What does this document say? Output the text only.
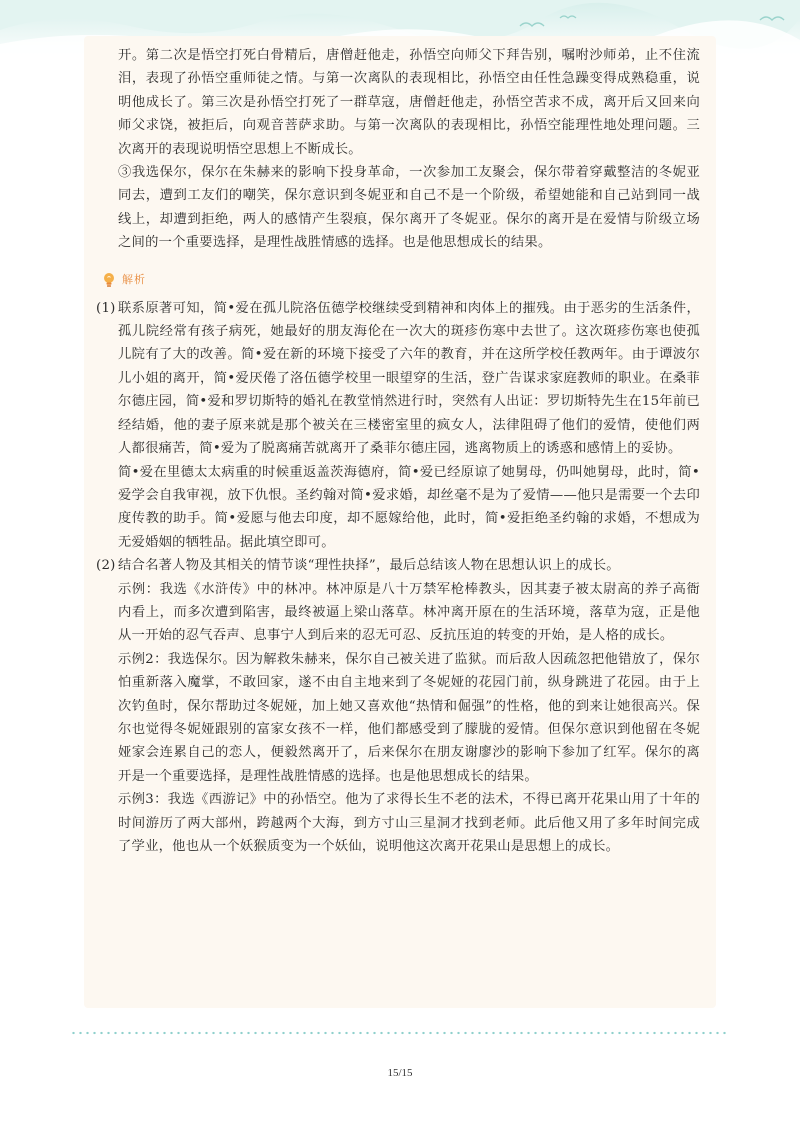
开。第二次是悟空打死白骨精后，唐僧赶他走，孙悟空向师父下拜告别，嘱咐沙师弟，止不住流泪，表现了孙悟空重师徒之情。与第一次离队的表现相比，孙悟空由任性急躁变得成熟稳重，说明他成长了。第三次是孙悟空打死了一群草寇，唐僧赶他走，孙悟空苦求不成，离开后又回来向师父求饶，被拒后，向观音菩萨求助。与第一次离队的表现相比，孙悟空能理性地处理问题。三次离开的表现说明悟空思想上不断成长。

③我选保尔，保尔在朱赫来的影响下投身革命，一次参加工友聚会，保尔带着穿戴整洁的冬妮亚同去，遭到工友们的嘲笑，保尔意识到冬妮亚和自己不是一个阶级，希望她能和自己站到同一战线上，却遭到拒绝，两人的感情产生裂痕，保尔离开了冬妮亚。保尔的离开是在爱情与阶级立场之间的一个重要选择，是理性战胜情感的选择。也是他思想成长的结果。

解析
(1) 联系原著可知，简•爱在孤儿院洛伍德学校继续受到精神和肉体上的摧残。由于恶劣的生活条件，孤儿院经常有孩子病死，她最好的朋友海伦在一次大的斑疹伤寒中去世了。这次斑疹伤寒也使孤儿院有了大的改善。简•爱在新的环境下接受了六年的教育，并在这所学校任教两年。由于谭波尔儿小姐的离开，简•爱厌倦了洛伍德学校里一眼望穿的生活，登广告谋求家庭教师的职业。在桑菲尔德庄园，简•爱和罗切斯特的婚礼在教堂悄然进行时，突然有人出证：罗切斯特先生在15年前已经结婚，他的妻子原来就是那个被关在三楼密室里的疯女人，法律阻碍了他们的爱情，使他们两人都很痛苦，简•爱为了脱离痛苦就离开了桑菲尔德庄园，逃离物质上的诱惑和感情上的妥协。

简•爱在里德太太病重的时候重返盖茨海德府，简•爱已经原谅了她舅母，仍叫她舅母，此时，简•爱学会自我审视，放下仇恨。圣约翰对简•爱求婚，却丝毫不是为了爱情——他只是需要一个去印度传教的助手。简•爱愿与他去印度，却不愿嫁给他，此时，简•爱拒绝圣约翰的求婚，不想成为无爱婚姻的牺牲品。据此填空即可。

(2) 结合名著人物及其相关的情节谈“理性抉择”，最后总结该人物在思想认识上的成长。

示例：我选《水浒传》中的林冲。林冲原是八十万禁军枪棒教头，因其妻子被太尉高的养子高衙内看上，而多次遭到陷害，最终被逼上梁山落草。林冲离开原在的生活环境，落草为寇，正是他从一开始的忍气吞声、息事宁人到后来的忍无可忍、反抗压迫的转变的开始，是人格的成长。

示例2：我选保尔。因为解救朱赫来，保尔自己被关进了监狱。而后敌人因疏忽把他错放了，保尔怕重新落入魔掌，不敢回家，遂不由自主地来到了冬妮娅的花园门前，纵身跳进了花园。由于上次钓鱼时，保尔帮助过冬妮娅，加上她又喜欢他“热情和倔强”的性格，他的到来让她很高兴。保尔也觉得冬妮娅跟别的富家女孩不一样，他们都感受到了朦胧的爱情。但保尔意识到他留在冬妮娅家会连累自己的恋人，便毅然离开了，后来保尔在朋友谢廖沙的影响下参加了红军。保尔的离开是一个重要选择，是理性战胜情感的选择。也是他思想成长的结果。

示例3：我选《西游记》中的孙悟空。他为了求得长生不老的法术，不得已离开花果山用了十年的时间游历了两大部州，跨越两个大海，到方寸山三星洞才找到老师。此后他又用了多年时间完成了学业，他也从一个妖猴质变为一个妖仙，说明他这次离开花果山是思想上的成长。

15/15
